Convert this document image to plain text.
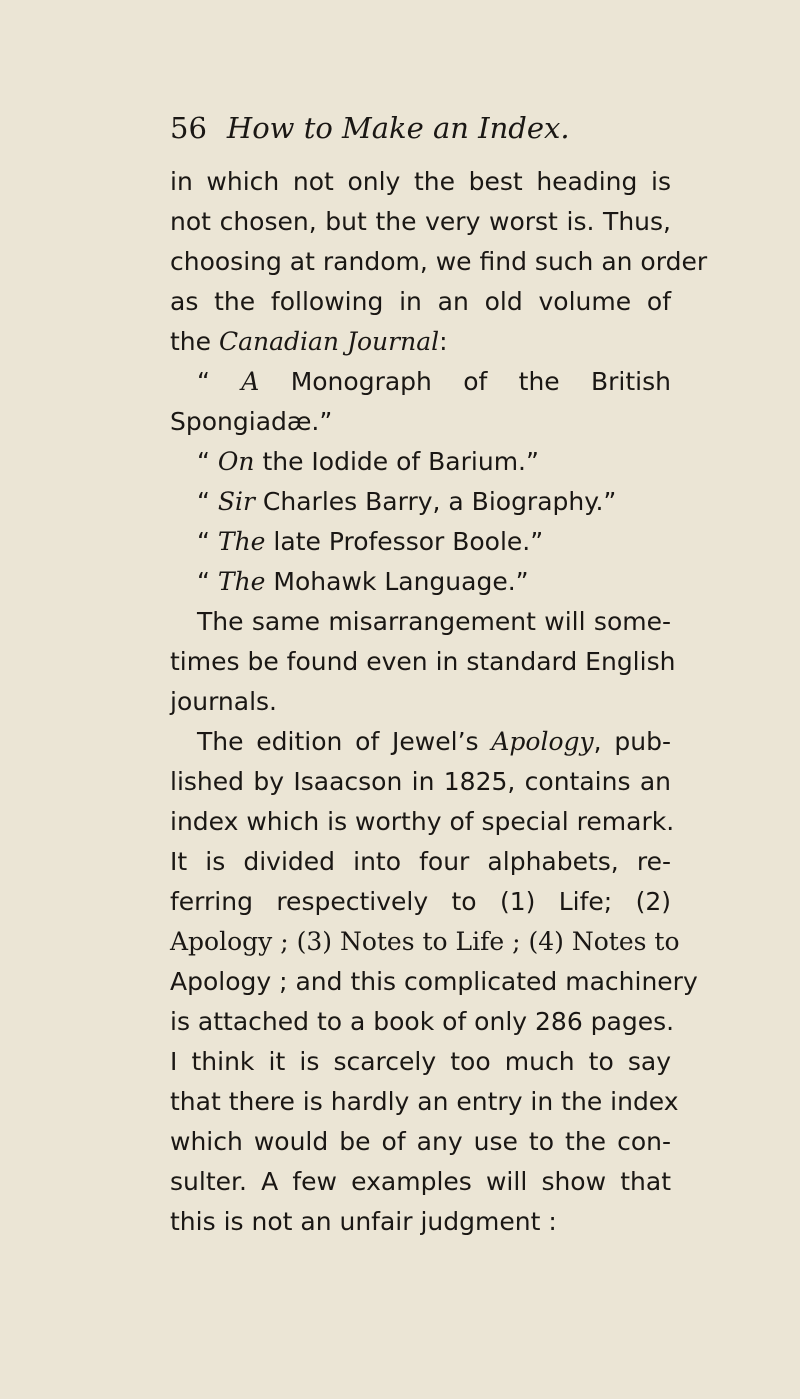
56 How to Make an Index.
in which not only the best heading is
not chosen, but the very worst is. Thus,
choosing at random, we find such an order
as the following in an old volume of
the Canadian Journal:
“ A Monograph of the British
Spongiadæ.”
“ On the Iodide of Barium.”
“ Sir Charles Barry, a Biography.”
“ The late Professor Boole.”
“ The Mohawk Language.”
The same misarrangement will some-
times be found even in standard English
journals.
The edition of Jewel’s Apology, pub-
lished by Isaacson in 1825, contains an
index which is worthy of special remark.
It is divided into four alphabets, re-
ferring respectively to (1) Life; (2)
Apology ; (3) Notes to Life ; (4) Notes to
Apology ; and this complicated machinery
is attached to a book of only 286 pages.
I think it is scarcely too much to say
that there is hardly an entry in the index
which would be of any use to the con-
sulter. A few examples will show that
this is not an unfair judgment :
